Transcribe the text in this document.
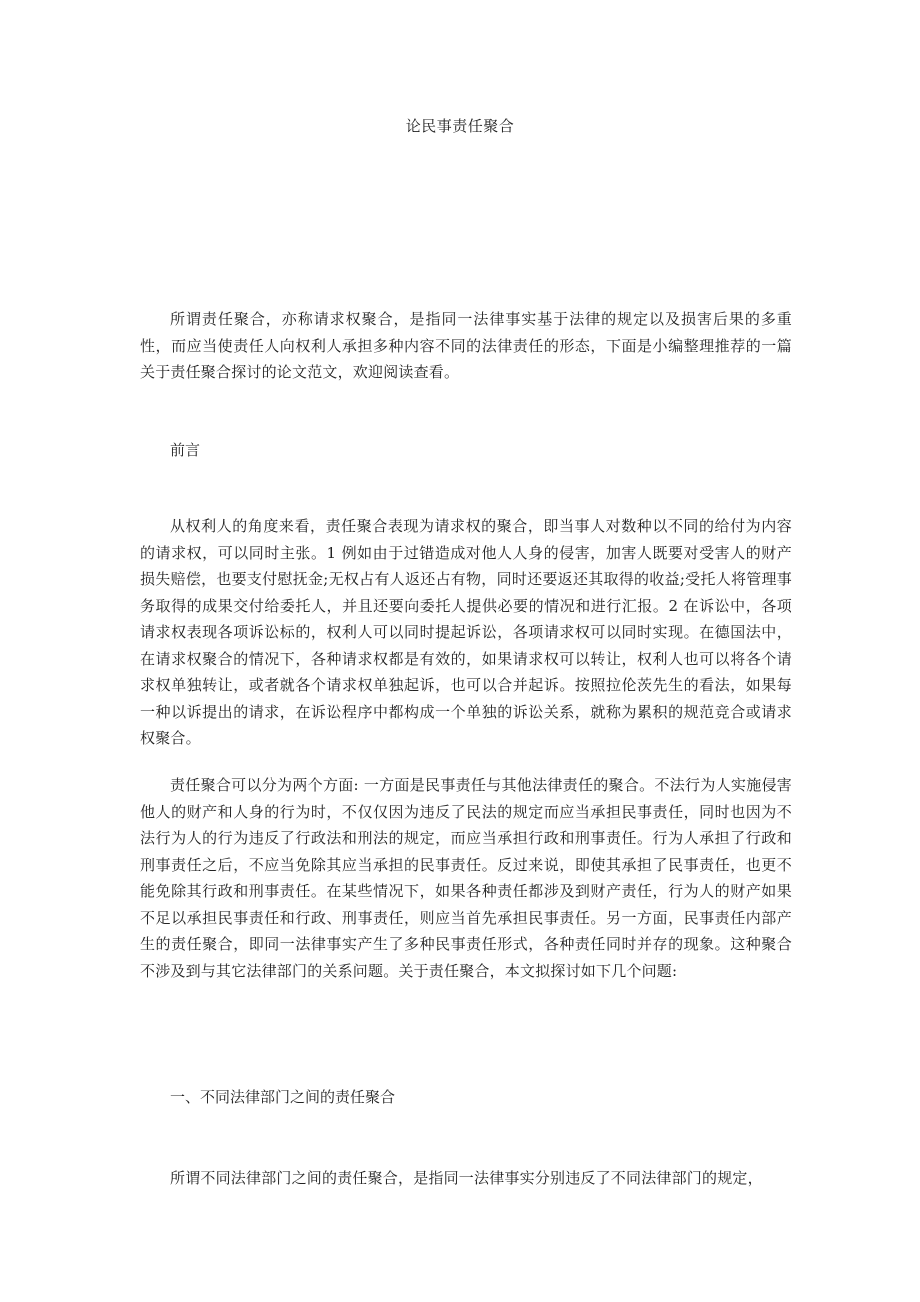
论民事责任聚合

所谓责任聚合，亦称请求权聚合，是指同一法律事实基于法律的规定以及损害后果的多重性，而应当使责任人向权利人承担多种内容不同的法律责任的形态，下面是小编整理推荐的一篇关于责任聚合探讨的论文范文，欢迎阅读查看。

前言

从权利人的角度来看，责任聚合表现为请求权的聚合，即当事人对数种以不同的给付为内容的请求权，可以同时主张。1 例如由于过错造成对他人人身的侵害，加害人既要对受害人的财产损失赔偿，也要支付慰抚金;无权占有人返还占有物，同时还要返还其取得的收益;受托人将管理事务取得的成果交付给委托人，并且还要向委托人提供必要的情况和进行汇报。2 在诉讼中，各项请求权表现各项诉讼标的，权利人可以同时提起诉讼，各项请求权可以同时实现。在德国法中，在请求权聚合的情况下，各种请求权都是有效的，如果请求权可以转让，权利人也可以将各个请求权单独转让，或者就各个请求权单独起诉，也可以合并起诉。按照拉伦茨先生的看法，如果每一种以诉提出的请求，在诉讼程序中都构成一个单独的诉讼关系，就称为累积的规范竞合或请求权聚合。

责任聚合可以分为两个方面: 一方面是民事责任与其他法律责任的聚合。不法行为人实施侵害他人的财产和人身的行为时，不仅仅因为违反了民法的规定而应当承担民事责任，同时也因为不法行为人的行为违反了行政法和刑法的规定，而应当承担行政和刑事责任。行为人承担了行政和刑事责任之后，不应当免除其应当承担的民事责任。反过来说，即使其承担了民事责任，也更不能免除其行政和刑事责任。在某些情况下，如果各种责任都涉及到财产责任，行为人的财产如果不足以承担民事责任和行政、刑事责任，则应当首先承担民事责任。另一方面，民事责任内部产生的责任聚合，即同一法律事实产生了多种民事责任形式，各种责任同时并存的现象。这种聚合不涉及到与其它法律部门的关系问题。关于责任聚合，本文拟探讨如下几个问题:

一、不同法律部门之间的责任聚合

所谓不同法律部门之间的责任聚合，是指同一法律事实分别违反了不同法律部门的规定，
